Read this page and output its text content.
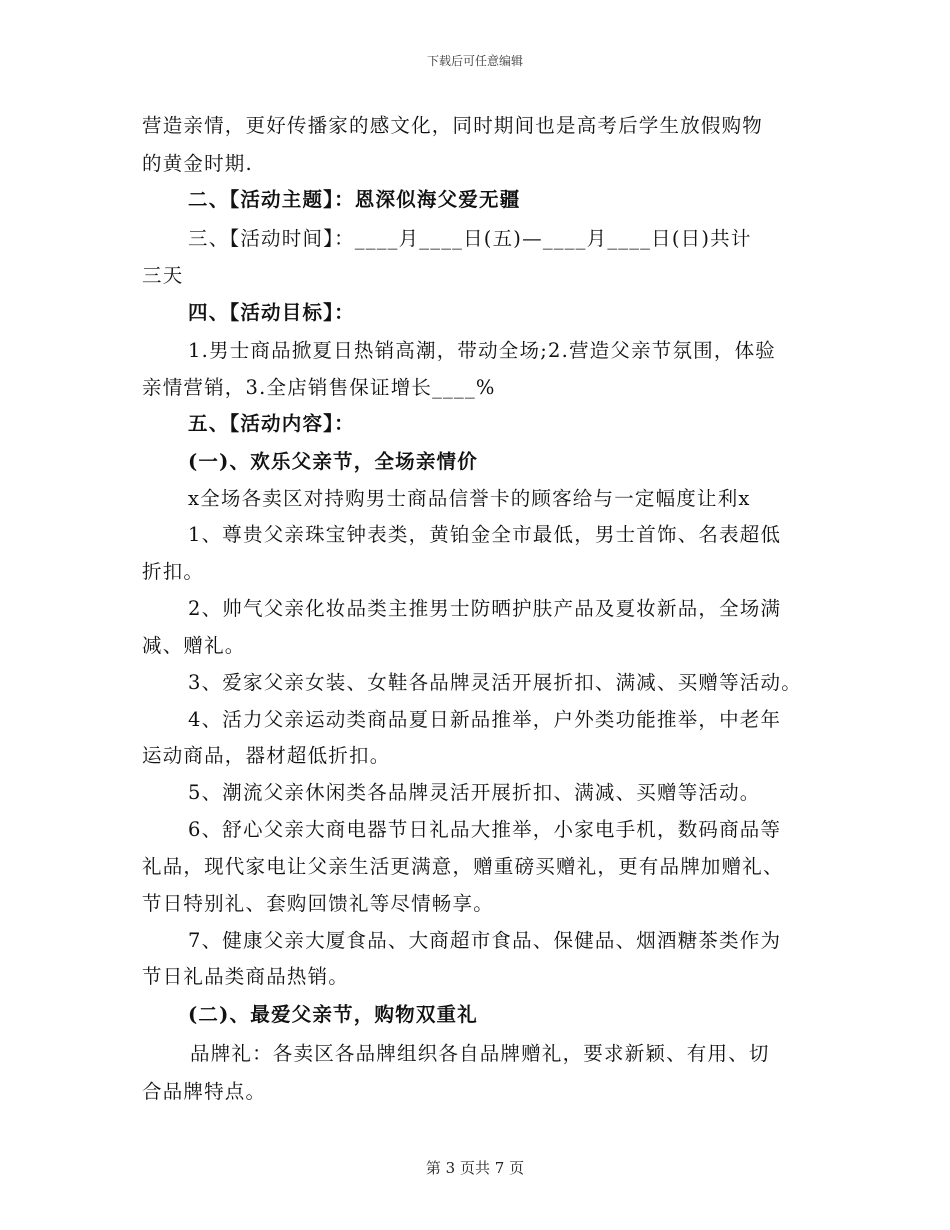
下载后可任意编辑
营造亲情，更好传播家的感文化，同时期间也是高考后学生放假购物
的黄金时期.
二、【活动主题】：恩深似海父爱无疆
三、【活动时间】：____月____日(五)—____月____日(日)共计
三天
四、【活动目标】：
1.男士商品掀夏日热销高潮，带动全场;2.营造父亲节氛围，体验
亲情营销，3.全店销售保证增长____%
五、【活动内容】：
(一)、欢乐父亲节，全场亲情价
x全场各卖区对持购男士商品信誉卡的顾客给与一定幅度让利x
1、尊贵父亲珠宝钟表类，黄铂金全市最低，男士首饰、名表超低
折扣。
2、帅气父亲化妆品类主推男士防晒护肤产品及夏妆新品，全场满
减、赠礼。
3、爱家父亲女装、女鞋各品牌灵活开展折扣、满减、买赠等活动。
4、活力父亲运动类商品夏日新品推举，户外类功能推举，中老年
运动商品，器材超低折扣。
5、潮流父亲休闲类各品牌灵活开展折扣、满减、买赠等活动。
6、舒心父亲大商电器节日礼品大推举，小家电手机，数码商品等
礼品，现代家电让父亲生活更满意，赠重磅买赠礼，更有品牌加赠礼、
节日特别礼、套购回馈礼等尽情畅享。
7、健康父亲大厦食品、大商超市食品、保健品、烟酒糖茶类作为
节日礼品类商品热销。
(二)、最爱父亲节，购物双重礼
品牌礼：各卖区各品牌组织各自品牌赠礼，要求新颖、有用、切
合品牌特点。
第 3 页共 7 页
